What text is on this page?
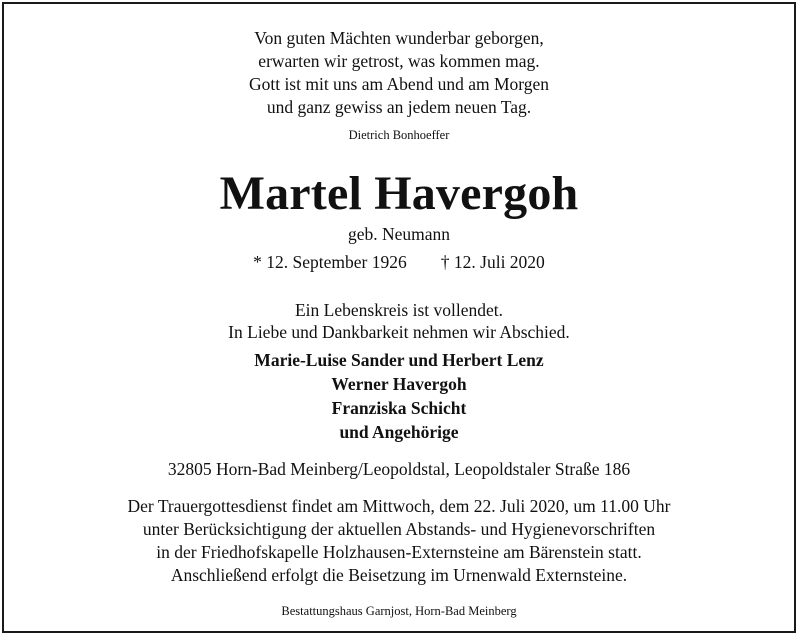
Von guten Mächten wunderbar geborgen,
erwarten wir getrost, was kommen mag.
Gott ist mit uns am Abend und am Morgen
und ganz gewiss an jedem neuen Tag.
Dietrich Bonhoeffer
Martel Havergoh
geb. Neumann
* 12. September 1926 † 12. Juli 2020
Ein Lebenskreis ist vollendet.
In Liebe und Dankbarkeit nehmen wir Abschied.
Marie-Luise Sander und Herbert Lenz
Werner Havergoh
Franziska Schicht
und Angehörige
32805 Horn-Bad Meinberg/Leopoldstal, Leopoldstaler Straße 186
Der Trauergottesdienst findet am Mittwoch, dem 22. Juli 2020, um 11.00 Uhr
unter Berücksichtigung der aktuellen Abstands- und Hygienevorschriften
in der Friedhofskapelle Holzhausen-Externsteine am Bärenstein statt.
Anschließend erfolgt die Beisetzung im Urnenwald Externsteine.
Bestattungshaus Garnjost, Horn-Bad Meinberg
